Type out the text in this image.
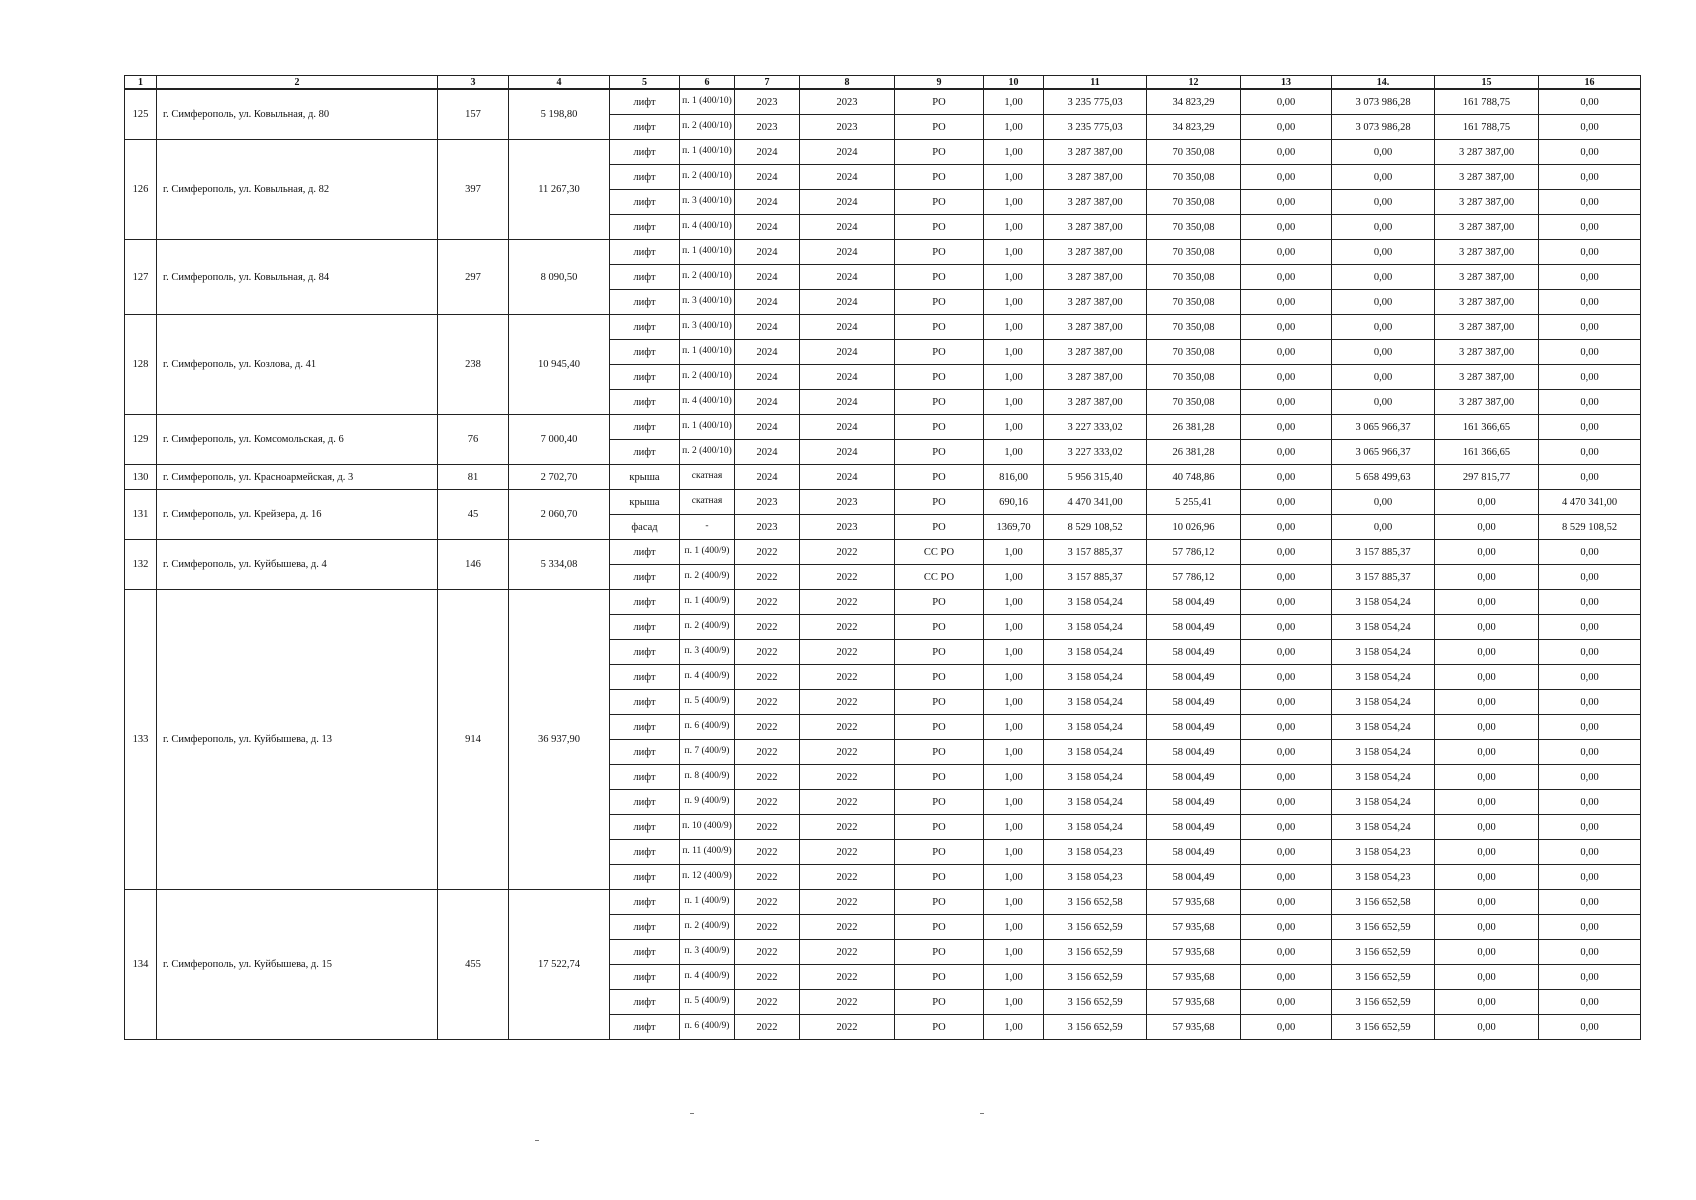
1	2	3	4	5	6	7	8	9	10	11	12	13	14.	15	16
125	г. Симферополь, ул. Ковыльная, д. 80	157	5 198,80	лифт	п. 1 (400/10)	2023	2023	РО	1,00	3 235 775,03	34 823,29	0,00	3 073 986,28	161 788,75	0,00
				лифт	п. 2 (400/10)	2023	2023	РО	1,00	3 235 775,03	34 823,29	0,00	3 073 986,28	161 788,75	0,00
126	г. Симферополь, ул. Ковыльная, д. 82	397	11 267,30	лифт	п. 1 (400/10)	2024	2024	РО	1,00	3 287 387,00	70 350,08	0,00	0,00	3 287 387,00	0,00
				лифт	п. 2 (400/10)	2024	2024	РО	1,00	3 287 387,00	70 350,08	0,00	0,00	3 287 387,00	0,00
				лифт	п. 3 (400/10)	2024	2024	РО	1,00	3 287 387,00	70 350,08	0,00	0,00	3 287 387,00	0,00
				лифт	п. 4 (400/10)	2024	2024	РО	1,00	3 287 387,00	70 350,08	0,00	0,00	3 287 387,00	0,00
127	г. Симферополь, ул. Ковыльная, д. 84	297	8 090,50	лифт	п. 1 (400/10)	2024	2024	РО	1,00	3 287 387,00	70 350,08	0,00	0,00	3 287 387,00	0,00
				лифт	п. 2 (400/10)	2024	2024	РО	1,00	3 287 387,00	70 350,08	0,00	0,00	3 287 387,00	0,00
				лифт	п. 3 (400/10)	2024	2024	РО	1,00	3 287 387,00	70 350,08	0,00	0,00	3 287 387,00	0,00
128	г. Симферополь, ул. Козлова, д. 41	238	10 945,40	лифт	п. 3 (400/10)	2024	2024	РО	1,00	3 287 387,00	70 350,08	0,00	0,00	3 287 387,00	0,00
				лифт	п. 1 (400/10)	2024	2024	РО	1,00	3 287 387,00	70 350,08	0,00	0,00	3 287 387,00	0,00
				лифт	п. 2 (400/10)	2024	2024	РО	1,00	3 287 387,00	70 350,08	0,00	0,00	3 287 387,00	0,00
				лифт	п. 4 (400/10)	2024	2024	РО	1,00	3 287 387,00	70 350,08	0,00	0,00	3 287 387,00	0,00
129	г. Симферополь, ул. Комсомольская, д. 6	76	7 000,40	лифт	п. 1 (400/10)	2024	2024	РО	1,00	3 227 333,02	26 381,28	0,00	3 065 966,37	161 366,65	0,00
				лифт	п. 2 (400/10)	2024	2024	РО	1,00	3 227 333,02	26 381,28	0,00	3 065 966,37	161 366,65	0,00
130	г. Симферополь, ул. Красноармейская, д. 3	81	2 702,70	крыша	скатная	2024	2024	РО	816,00	5 956 315,40	40 748,86	0,00	5 658 499,63	297 815,77	0,00
131	г. Симферополь, ул. Крейзера, д. 16	45	2 060,70	крыша	скатная	2023	2023	РО	690,16	4 470 341,00	5 255,41	0,00	0,00	0,00	4 470 341,00
				фасад	-	2023	2023	РО	1369,70	8 529 108,52	10 026,96	0,00	0,00	0,00	8 529 108,52
132	г. Симферополь, ул. Куйбышева, д. 4	146	5 334,08	лифт	п. 1 (400/9)	2022	2022	СС РО	1,00	3 157 885,37	57 786,12	0,00	3 157 885,37	0,00	0,00
				лифт	п. 2 (400/9)	2022	2022	СС РО	1,00	3 157 885,37	57 786,12	0,00	3 157 885,37	0,00	0,00
133	г. Симферополь, ул. Куйбышева, д. 13	914	36 937,90	лифт	п. 1 (400/9)	2022	2022	РО	1,00	3 158 054,24	58 004,49	0,00	3 158 054,24	0,00	0,00
				лифт	п. 2 (400/9)	2022	2022	РО	1,00	3 158 054,24	58 004,49	0,00	3 158 054,24	0,00	0,00
				лифт	п. 3 (400/9)	2022	2022	РО	1,00	3 158 054,24	58 004,49	0,00	3 158 054,24	0,00	0,00
				лифт	п. 4 (400/9)	2022	2022	РО	1,00	3 158 054,24	58 004,49	0,00	3 158 054,24	0,00	0,00
				лифт	п. 5 (400/9)	2022	2022	РО	1,00	3 158 054,24	58 004,49	0,00	3 158 054,24	0,00	0,00
				лифт	п. 6 (400/9)	2022	2022	РО	1,00	3 158 054,24	58 004,49	0,00	3 158 054,24	0,00	0,00
				лифт	п. 7 (400/9)	2022	2022	РО	1,00	3 158 054,24	58 004,49	0,00	3 158 054,24	0,00	0,00
				лифт	п. 8 (400/9)	2022	2022	РО	1,00	3 158 054,24	58 004,49	0,00	3 158 054,24	0,00	0,00
				лифт	п. 9 (400/9)	2022	2022	РО	1,00	3 158 054,24	58 004,49	0,00	3 158 054,24	0,00	0,00
				лифт	п. 10 (400/9)	2022	2022	РО	1,00	3 158 054,24	58 004,49	0,00	3 158 054,24	0,00	0,00
				лифт	п. 11 (400/9)	2022	2022	РО	1,00	3 158 054,23	58 004,49	0,00	3 158 054,23	0,00	0,00
				лифт	п. 12 (400/9)	2022	2022	РО	1,00	3 158 054,23	58 004,49	0,00	3 158 054,23	0,00	0,00
134	г. Симферополь, ул. Куйбышева, д. 15	455	17 522,74	лифт	п. 1 (400/9)	2022	2022	РО	1,00	3 156 652,58	57 935,68	0,00	3 156 652,58	0,00	0,00
				лифт	п. 2 (400/9)	2022	2022	РО	1,00	3 156 652,59	57 935,68	0,00	3 156 652,59	0,00	0,00
				лифт	п. 3 (400/9)	2022	2022	РО	1,00	3 156 652,59	57 935,68	0,00	3 156 652,59	0,00	0,00
				лифт	п. 4 (400/9)	2022	2022	РО	1,00	3 156 652,59	57 935,68	0,00	3 156 652,59	0,00	0,00
				лифт	п. 5 (400/9)	2022	2022	РО	1,00	3 156 652,59	57 935,68	0,00	3 156 652,59	0,00	0,00
				лифт	п. 6 (400/9)	2022	2022	РО	1,00	3 156 652,59	57 935,68	0,00	3 156 652,59	0,00	0,00
